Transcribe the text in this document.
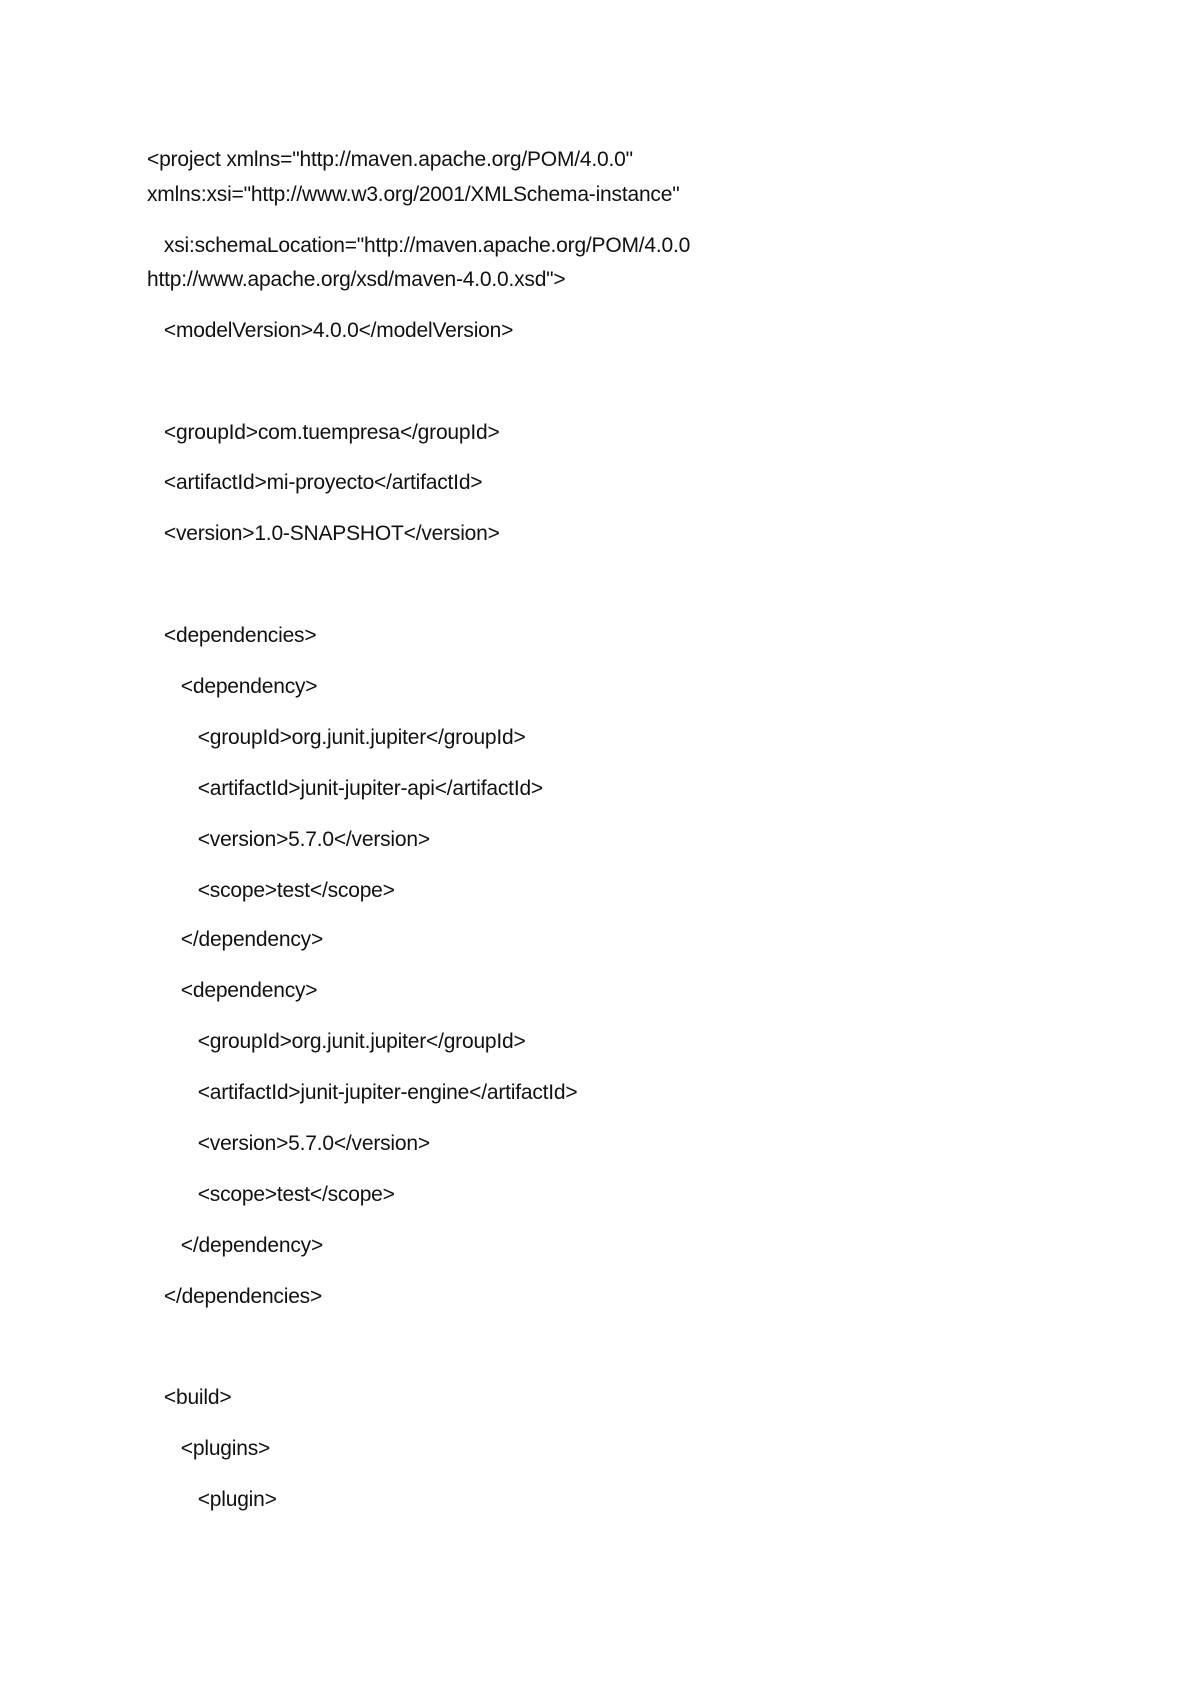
<project xmlns="http://maven.apache.org/POM/4.0.0"
xmlns:xsi="http://www.w3.org/2001/XMLSchema-instance"
xsi:schemaLocation="http://maven.apache.org/POM/4.0.0
http://www.apache.org/xsd/maven-4.0.0.xsd">
<modelVersion>4.0.0</modelVersion>
<groupId>com.tuempresa</groupId>
<artifactId>mi-proyecto</artifactId>
<version>1.0-SNAPSHOT</version>
<dependencies>
<dependency>
<groupId>org.junit.jupiter</groupId>
<artifactId>junit-jupiter-api</artifactId>
<version>5.7.0</version>
<scope>test</scope>
</dependency>
<dependency>
<groupId>org.junit.jupiter</groupId>
<artifactId>junit-jupiter-engine</artifactId>
<version>5.7.0</version>
<scope>test</scope>
</dependency>
</dependencies>
<build>
<plugins>
<plugin>
